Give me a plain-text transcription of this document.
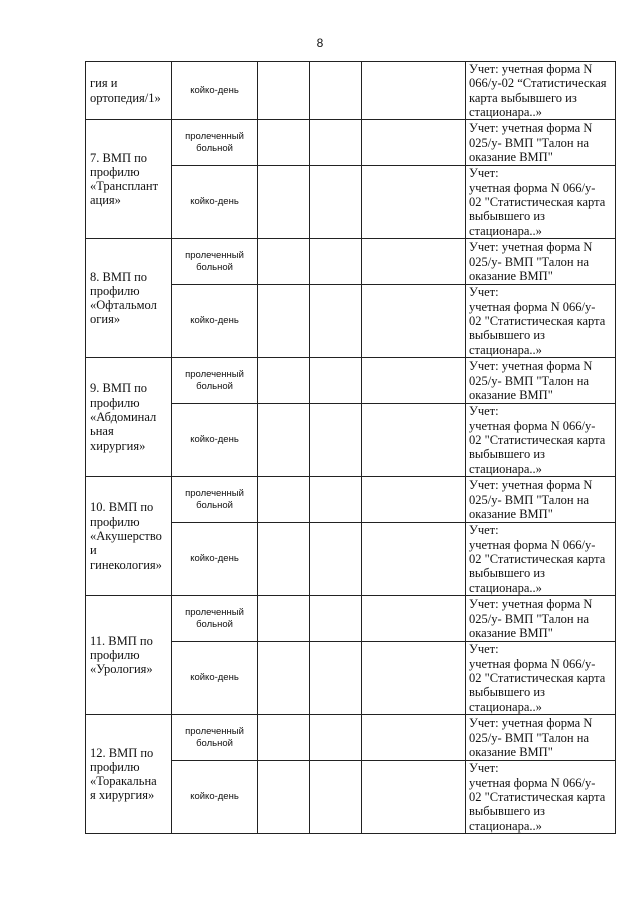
8
гия и
ортопедия/1»	койко-день				Учет: учетная форма N
066/у-02 “Статистическая
карта выбывшего из
стационара..»

7. ВМП по
профилю
«Трансплант
ация»	пролеченный
больной				Учет: учетная форма N
025/у- ВМП "Талон на
оказание ВМП"

	койко-день				Учет:
учетная форма N 066/у-
02 "Статистическая карта
выбывшего из
стационара..»

8. ВМП по
профилю
«Офтальмол
огия»	пролеченный
больной				Учет: учетная форма N
025/у- ВМП "Талон на
оказание ВМП"

	койко-день				Учет:
учетная форма N 066/у-
02 "Статистическая карта
выбывшего из
стационара..»

9. ВМП по
профилю
«Абдоминал
ьная
хирургия»	пролеченный
больной				Учет: учетная форма N
025/у- ВМП "Талон на
оказание ВМП"

	койко-день				Учет:
учетная форма N 066/у-
02 "Статистическая карта
выбывшего из
стационара..»

10. ВМП по
профилю
«Акушерство
и
гинекология»	пролеченный
больной				Учет: учетная форма N
025/у- ВМП "Талон на
оказание ВМП"

	койко-день				Учет:
учетная форма N 066/у-
02 "Статистическая карта
выбывшего из
стационара..»

11. ВМП по
профилю
«Урология»	пролеченный
больной				Учет: учетная форма N
025/у- ВМП "Талон на
оказание ВМП"

	койко-день				Учет:
учетная форма N 066/у-
02 "Статистическая карта
выбывшего из
стационара..»

12. ВМП по
профилю
«Торакальна
я хирургия»	пролеченный
больной				Учет: учетная форма N
025/у- ВМП "Талон на
оказание ВМП"

	койко-день				Учет:
учетная форма N 066/у-
02 "Статистическая карта
выбывшего из
стационара..»
